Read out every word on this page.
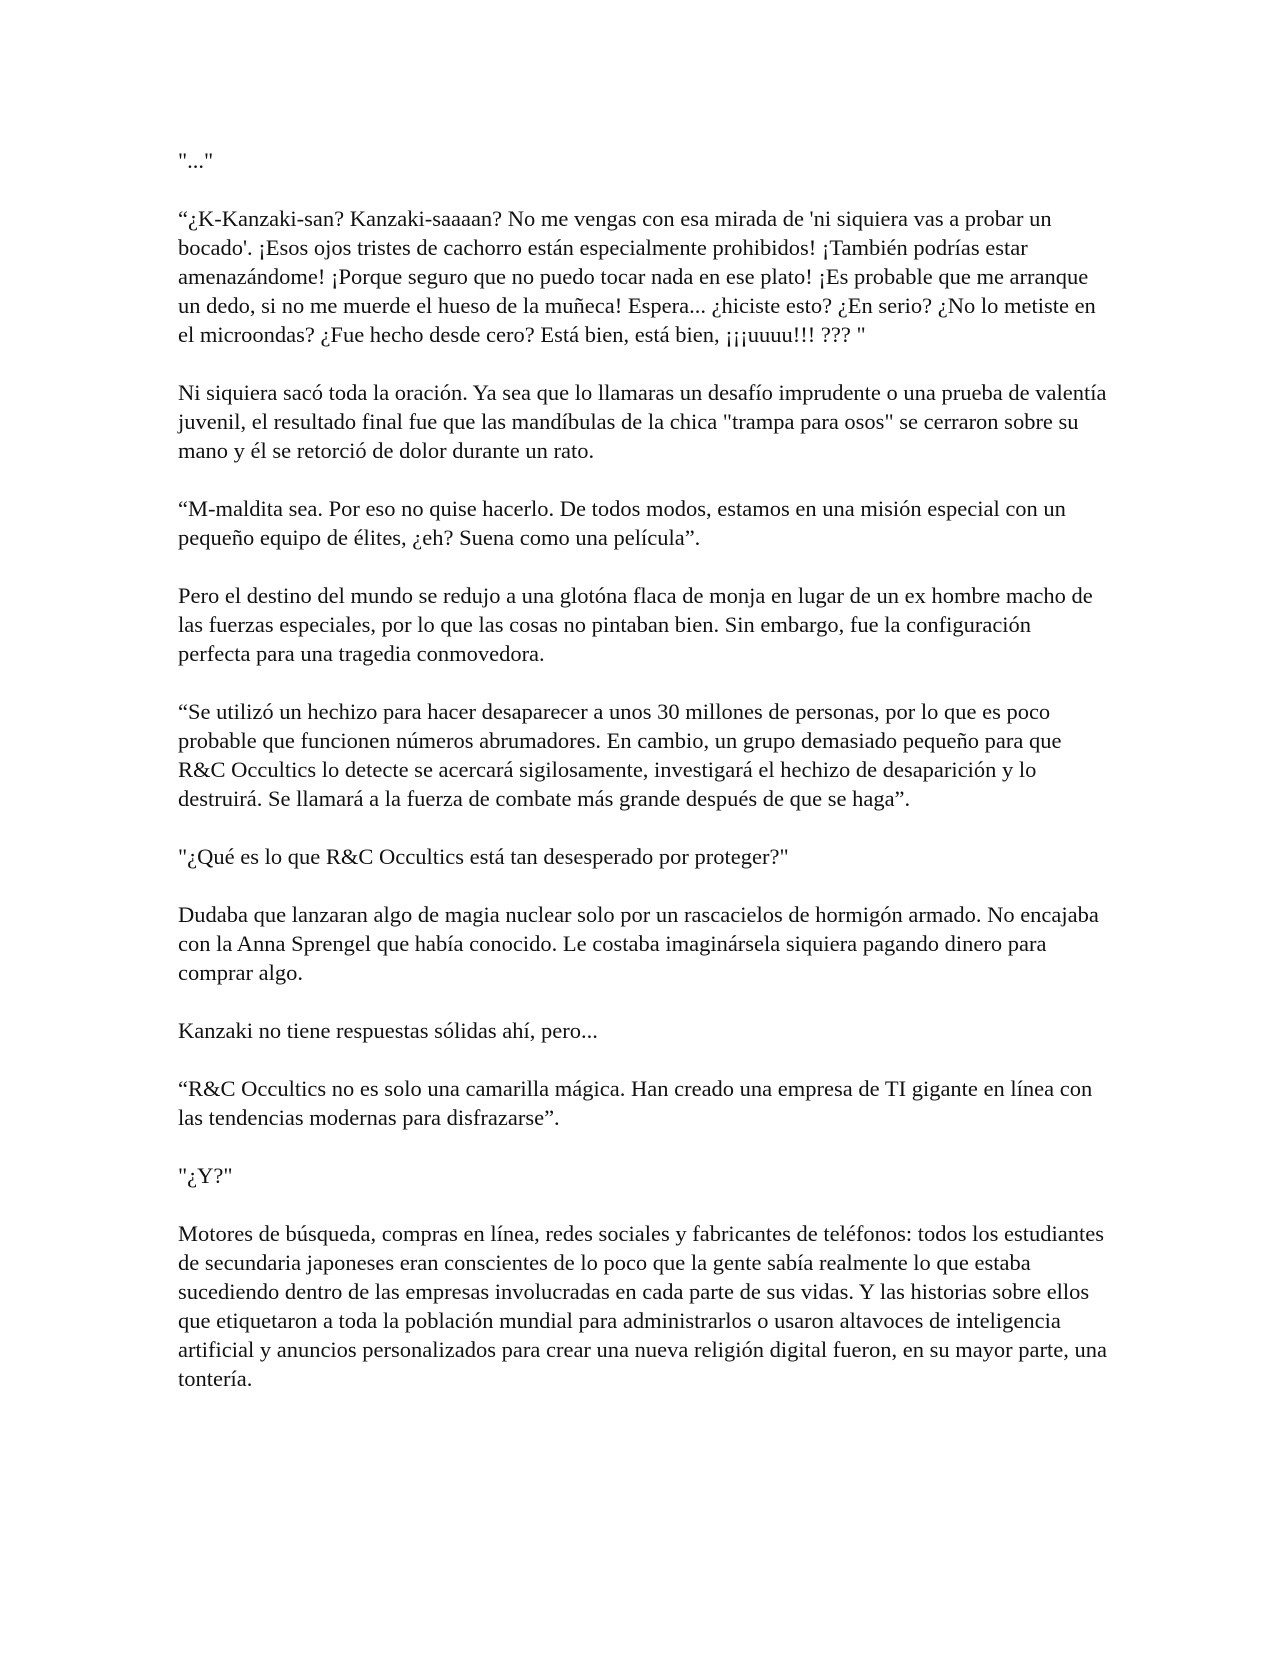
"..."

“¿K-Kanzaki-san? Kanzaki-saaaan? No me vengas con esa mirada de 'ni siquiera vas a probar un bocado'. ¡Esos ojos tristes de cachorro están especialmente prohibidos! ¡También podrías estar amenazándome! ¡Porque seguro que no puedo tocar nada en ese plato! ¡Es probable que me arranque un dedo, si no me muerde el hueso de la muñeca! Espera... ¿hiciste esto? ¿En serio? ¿No lo metiste en el microondas? ¿Fue hecho desde cero? Está bien, está bien, ¡¡¡uuuu!!! ??? "

Ni siquiera sacó toda la oración. Ya sea que lo llamaras un desafío imprudente o una prueba de valentía juvenil, el resultado final fue que las mandíbulas de la chica "trampa para osos" se cerraron sobre su mano y él se retorció de dolor durante un rato.

“M-maldita sea. Por eso no quise hacerlo. De todos modos, estamos en una misión especial con un pequeño equipo de élites, ¿eh? Suena como una película”.

Pero el destino del mundo se redujo a una glotóna flaca de monja en lugar de un ex hombre macho de las fuerzas especiales, por lo que las cosas no pintaban bien. Sin embargo, fue la configuración perfecta para una tragedia conmovedora.

“Se utilizó un hechizo para hacer desaparecer a unos 30 millones de personas, por lo que es poco probable que funcionen números abrumadores. En cambio, un grupo demasiado pequeño para que R&C Occultics lo detecte se acercará sigilosamente, investigará el hechizo de desaparición y lo destruirá. Se llamará a la fuerza de combate más grande después de que se haga”.

"¿Qué es lo que R&C Occultics está tan desesperado por proteger?"

Dudaba que lanzaran algo de magia nuclear solo por un rascacielos de hormigón armado. No encajaba con la Anna Sprengel que había conocido. Le costaba imaginársela siquiera pagando dinero para comprar algo.

Kanzaki no tiene respuestas sólidas ahí, pero...

“R&C Occultics no es solo una camarilla mágica. Han creado una empresa de TI gigante en línea con las tendencias modernas para disfrazarse”.

"¿Y?"

Motores de búsqueda, compras en línea, redes sociales y fabricantes de teléfonos: todos los estudiantes de secundaria japoneses eran conscientes de lo poco que la gente sabía realmente lo que estaba sucediendo dentro de las empresas involucradas en cada parte de sus vidas. Y las historias sobre ellos que etiquetaron a toda la población mundial para administrarlos o usaron altavoces de inteligencia artificial y anuncios personalizados para crear una nueva religión digital fueron, en su mayor parte, una tontería.
